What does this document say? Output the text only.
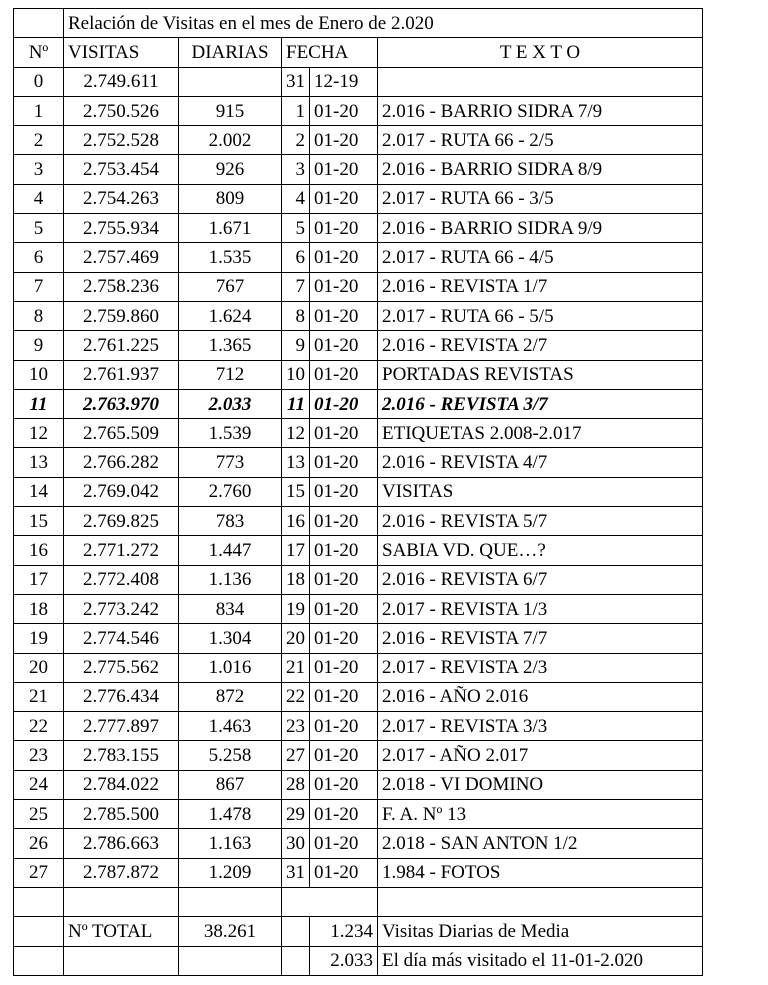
	Relación de Visitas en el mes de Enero de 2.020				
Nº	VISITAS	DIARIAS	FECHA		T E X T O
0	2.749.611		31	12-19	
1	2.750.526	915	1	01-20	2.016 - BARRIO SIDRA 7/9
2	2.752.528	2.002	2	01-20	2.017 - RUTA 66 - 2/5
3	2.753.454	926	3	01-20	2.016 - BARRIO SIDRA 8/9
4	2.754.263	809	4	01-20	2.017 - RUTA 66 - 3/5
5	2.755.934	1.671	5	01-20	2.016 - BARRIO SIDRA 9/9
6	2.757.469	1.535	6	01-20	2.017 - RUTA 66 - 4/5
7	2.758.236	767	7	01-20	2.016 - REVISTA 1/7
8	2.759.860	1.624	8	01-20	2.017 - RUTA 66 - 5/5
9	2.761.225	1.365	9	01-20	2.016 - REVISTA 2/7
10	2.761.937	712	10	01-20	PORTADAS REVISTAS
11	2.763.970	2.033	11	01-20	2.016 - REVISTA 3/7
12	2.765.509	1.539	12	01-20	ETIQUETAS 2.008-2.017
13	2.766.282	773	13	01-20	2.016 - REVISTA 4/7
14	2.769.042	2.760	15	01-20	VISITAS
15	2.769.825	783	16	01-20	2.016 - REVISTA 5/7
16	2.771.272	1.447	17	01-20	SABIA VD. QUE…?
17	2.772.408	1.136	18	01-20	2.016 - REVISTA 6/7
18	2.773.242	834	19	01-20	2.017 - REVISTA 1/3
19	2.774.546	1.304	20	01-20	2.016 - REVISTA 7/7
20	2.775.562	1.016	21	01-20	2.017 - REVISTA 2/3
21	2.776.434	872	22	01-20	2.016 - AÑO 2.016
22	2.777.897	1.463	23	01-20	2.017 - REVISTA 3/3
23	2.783.155	5.258	27	01-20	2.017 - AÑO 2.017
24	2.784.022	867	28	01-20	2.018 - VI DOMINO
25	2.785.500	1.478	29	01-20	F. A. Nº 13
26	2.786.663	1.163	30	01-20	2.018 - SAN ANTON 1/2
27	2.787.872	1.209	31	01-20	1.984 - FOTOS

	Nº TOTAL	38.261		1.234	Visitas Diarias de Media
				2.033	El día más visitado el 11-01-2.020
